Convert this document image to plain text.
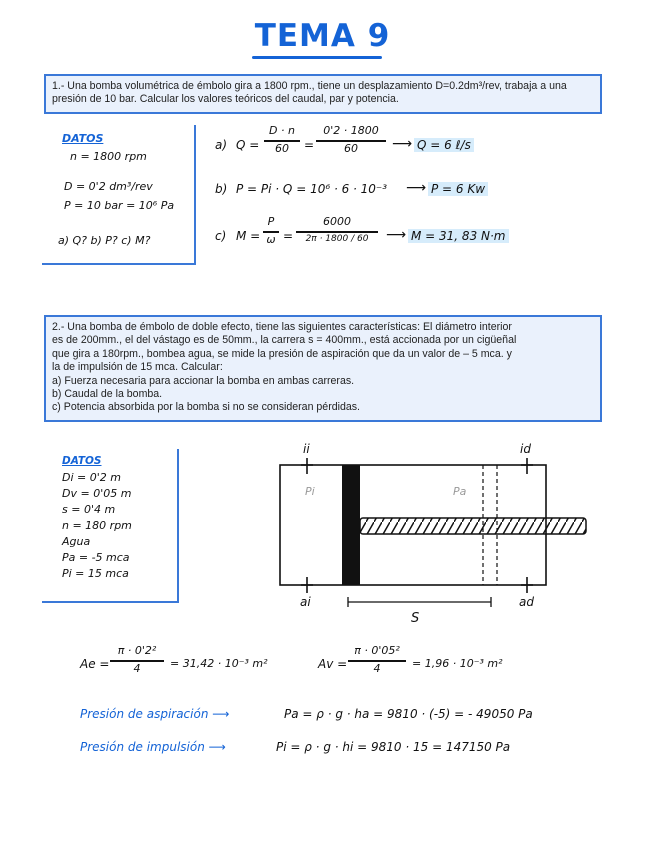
TEMA 9
1.- Una bomba volumétrica de émbolo gira a 1800 rpm., tiene un desplazamiento D=0.2dm³/rev, trabaja a una presión de 10 bar. Calcular los valores teóricos del caudal, par y potencia.
DATOS
n = 1800 rpm
D = 0'2 dm³/rev
P = 10 bar = 10⁶ Pa
a) Q? b) P? c) M?
a) Q =
D · n
60	=
0'2 · 1800
60	⟶ Q = 6 ℓ/s
b) P = Pi · Q = 10⁶ · 6 · 10⁻³ ⟶ P = 6 Kw
c) M =
P
ω =
6000
2π · 1800 / 60	⟶ M = 31, 83 N·m
2.- Una bomba de émbolo de doble efecto, tiene las siguientes características: El diámetro interior
es de 200mm., el del vástago es de 50mm., la carrera s = 400mm., está accionada por un cigüeñal
que gira a 180rpm., bombea agua, se mide la presión de aspiración que da un valor de – 5 mca. y
la de impulsión de 15 mca. Calcular:
a) Fuerza necesaria para accionar la bomba en ambas carreras.
b) Caudal de la bomba.
c) Potencia absorbida por la bomba si no se consideran pérdidas.
DATOS
Di = 0'2 m
Dv = 0'05 m
s = 0'4 m
n = 180 rpm
Agua
Pa = -5 mca
Pi = 15 mca
ii	id
Pi	Pa
ai	ad
S
Ae =
π · 0'2²
4	= 31,42 · 10⁻³ m²	Av =
π · 0'05²
4	= 1,96 · 10⁻³ m²
Presión de aspiración ⟶	Pa = ρ · g · ha = 9810 · (-5) = - 49050 Pa
Presión de impulsión ⟶	Pi = ρ · g · hi = 9810 · 15 = 147150 Pa
